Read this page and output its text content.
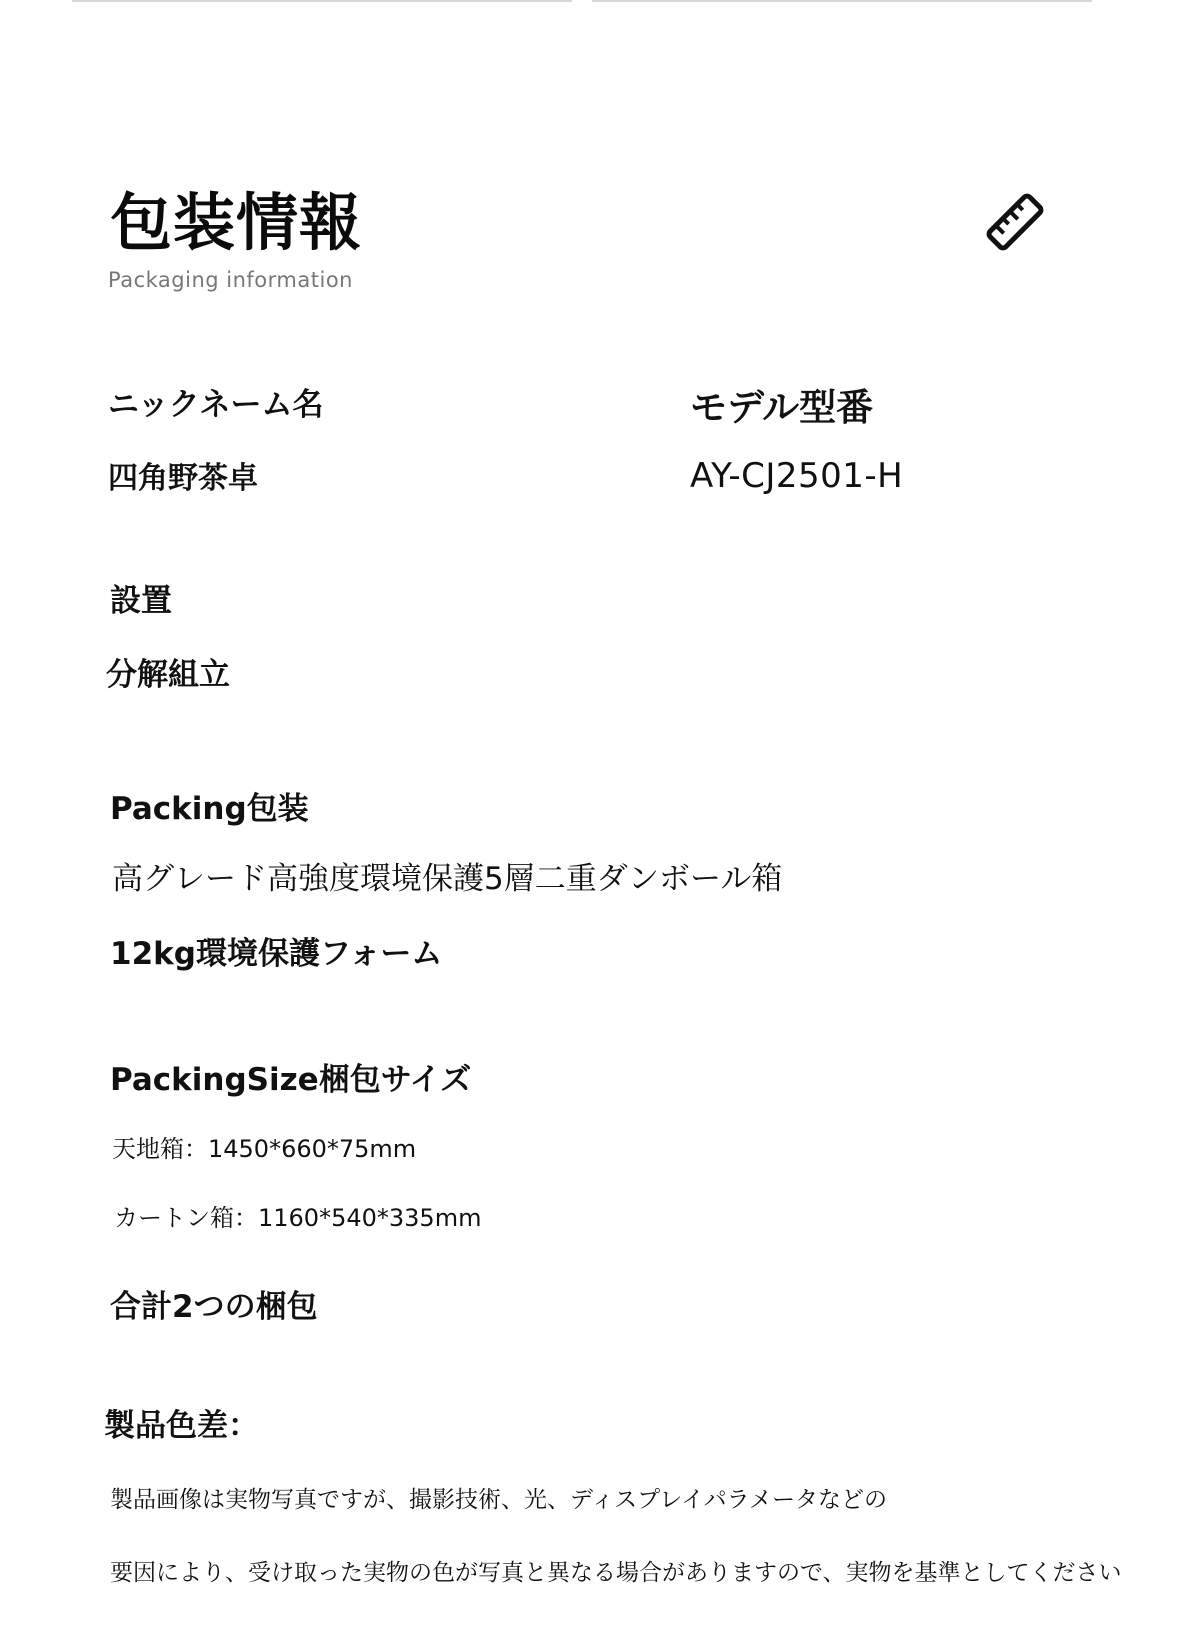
包装情報
Packaging information
ニックネーム名
四角野茶卓
モデル型番
AY-CJ2501-H
設置
分解組立
Packing包装
高グレード高強度環境保護5層二重ダンボール箱
12kg環境保護フォーム
PackingSize梱包サイズ
天地箱：1450*660*75mm
カートン箱：1160*540*335mm
合計2つの梱包
製品色差：
製品画像は実物写真ですが、撮影技術、光、ディスプレイパラメータなどの
要因により、受け取った実物の色が写真と異なる場合がありますので、実物を基準としてください
